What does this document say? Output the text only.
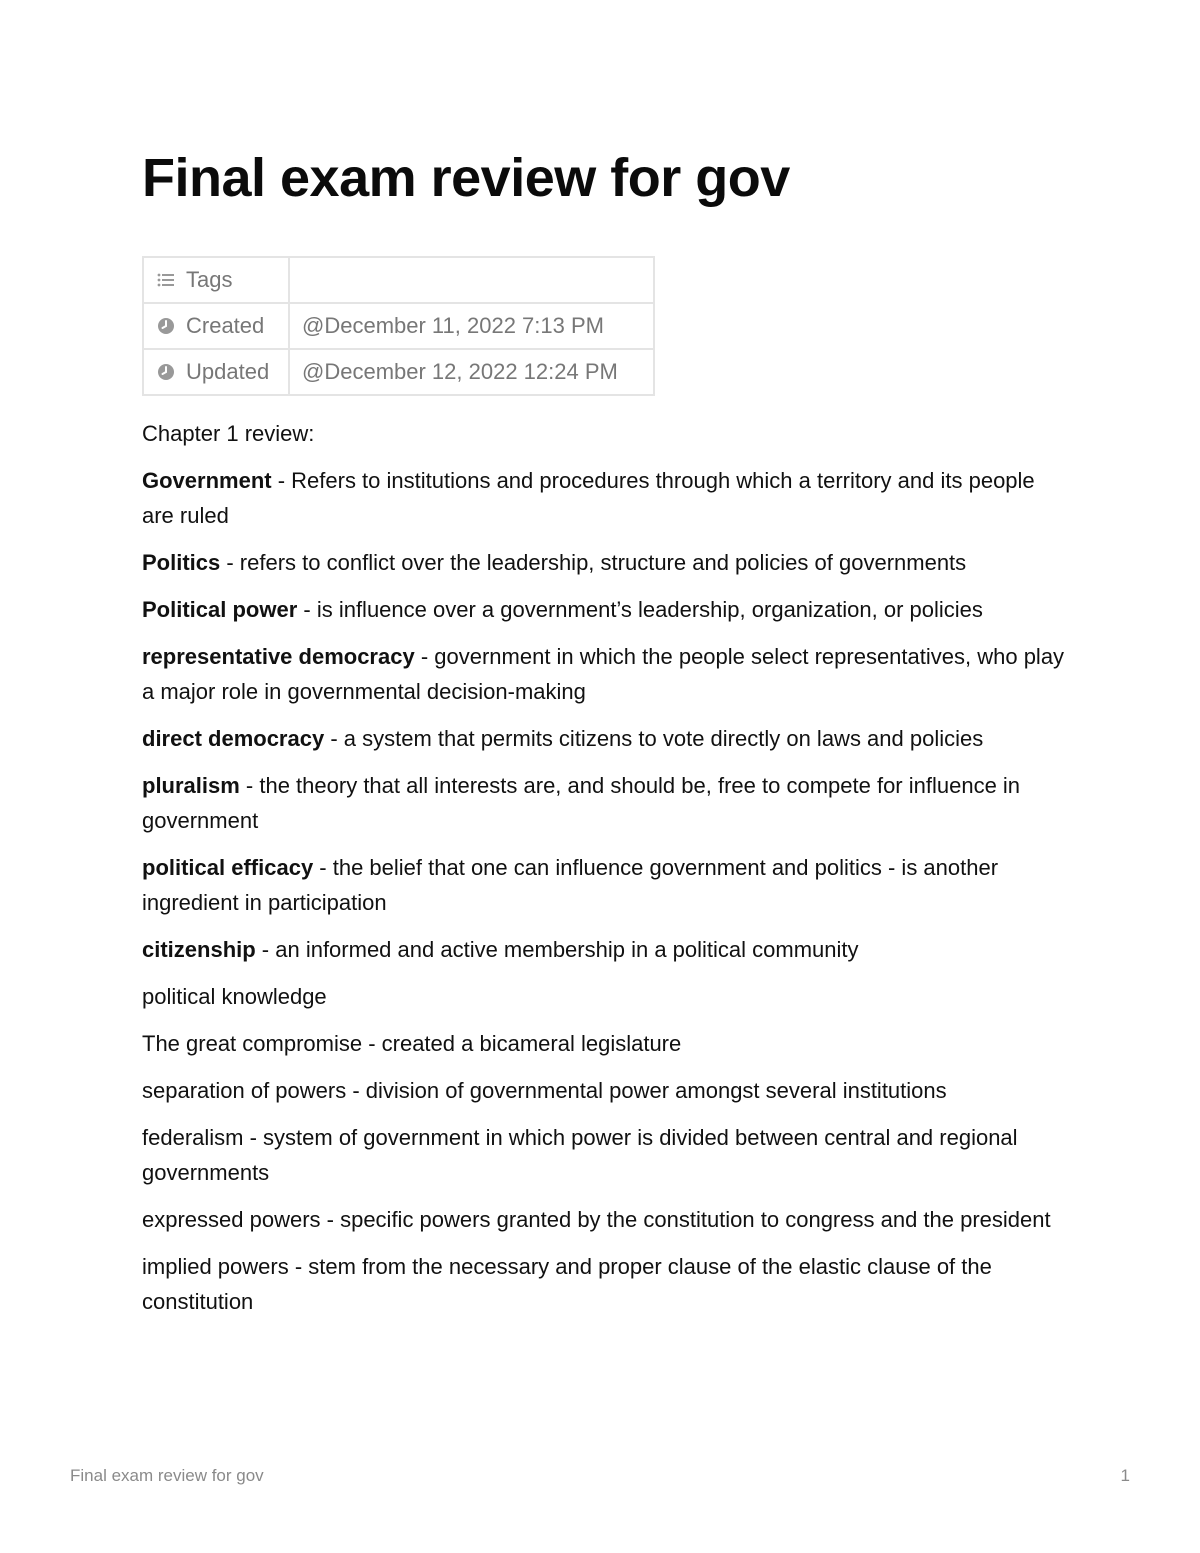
Final exam review for gov
Tags	

Created	@December 11, 2022 7:13 PM

Updated	@December 12, 2022 12:24 PM

Chapter 1 review:

Government - Refers to institutions and procedures through which a territory and its people are ruled

Politics - refers to conflict over the leadership, structure and policies of governments

Political power - is influence over a government’s leadership, organization, or policies

representative democracy - government in which the people select representatives, who play a major role in governmental decision-making

direct democracy - a system that permits citizens to vote directly on laws and policies

pluralism - the theory that all interests are, and should be, free to compete for influence in government

political efficacy - the belief that one can influence government and politics - is another ingredient in participation

citizenship - an informed and active membership in a political community

political knowledge

The great compromise - created a bicameral legislature

separation of powers - division of governmental power amongst several institutions

federalism - system of government in which power is divided between central and regional governments

expressed powers - specific powers granted by the constitution to congress and the president

implied powers - stem from the necessary and proper clause of the elastic clause of the constitution

Final exam review for gov	1
